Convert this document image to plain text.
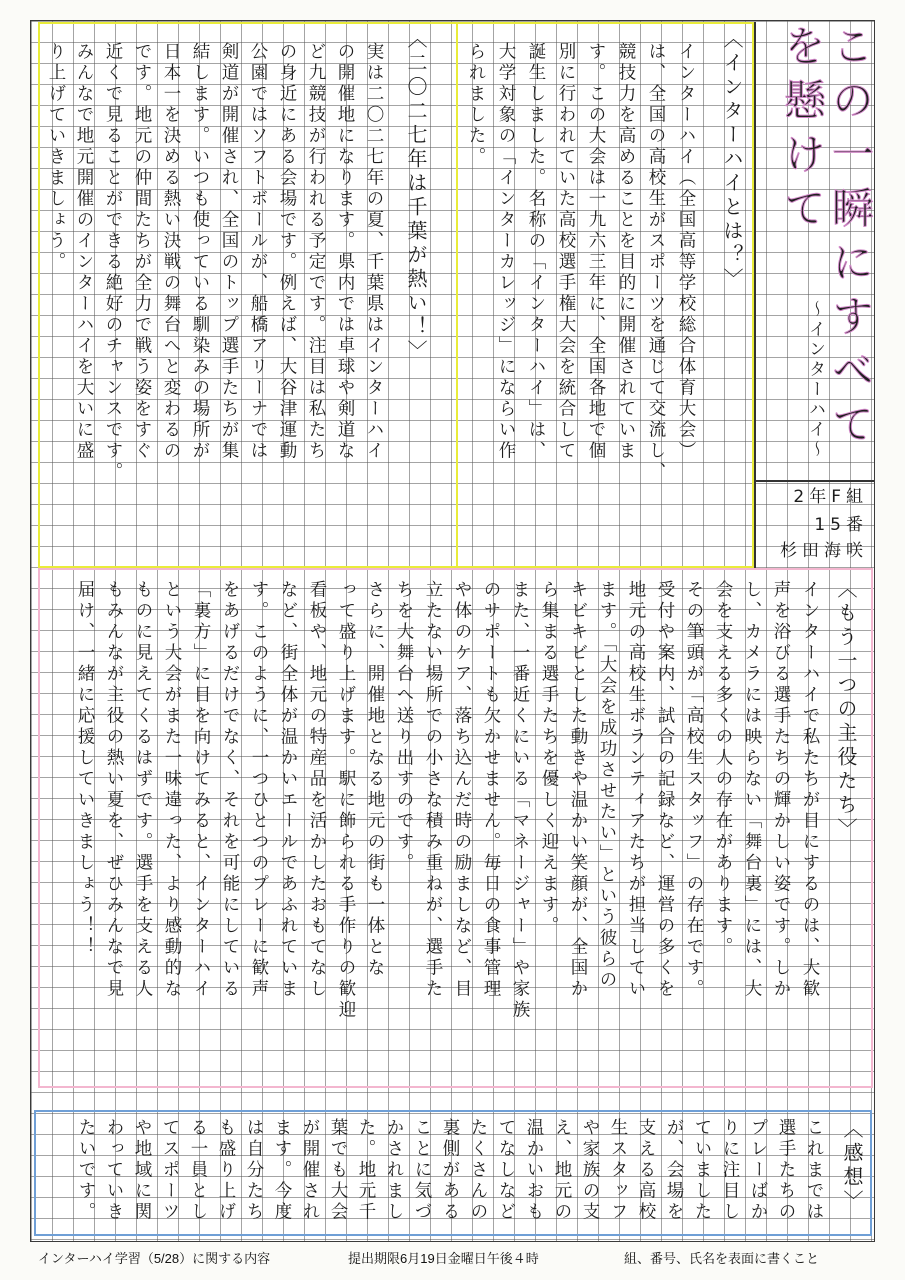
この一瞬にすべてを懸けて
〜インターハイ〜
2年F組
15番
杉田海咲
〈インターハイとは？〉
インターハイ（全国高等学校総合体育大会）
は、全国の高校生がスポーツを通じて交流し、
競技力を高めることを目的に開催されていま
す。この大会は一九六三年に、全国各地で個
別に行われていた高校選手権大会を統合して
誕生しました。名称の「インターハイ」は、
大学対象の「インターカレッジ」にならい作
られました。
〈二〇二七年は千葉が熱い！〉
実は二〇二七年の夏、千葉県はインターハイ
の開催地になります。県内では卓球や剣道な
ど九競技が行われる予定です。注目は私たち
の身近にある会場です。例えば、大谷津運動
公園ではソフトボールが、船橋アリーナでは
剣道が開催され、全国のトップ選手たちが集
結します。いつも使っている馴染みの場所が
日本一を決める熱い決戦の舞台へと変わるの
です。地元の仲間たちが全力で戦う姿をすぐ
近くで見ることができる絶好のチャンスです。
みんなで地元開催のインターハイを大いに盛
り上げていきましょう。
〈もう一つの主役たち〉
インターハイで私たちが目にするのは、大歓
声を浴びる選手たちの輝かしい姿です。しか
し、カメラには映らない「舞台裏」には、大
会を支える多くの人の存在があります。
その筆頭が「高校生スタッフ」の存在です。
受付や案内、試合の記録など、運営の多くを
地元の高校生ボランティアたちが担当してい
ます。「大会を成功させたい」という彼らの
キビキビとした動きや温かい笑顔が、全国か
ら集まる選手たちを優しく迎えます。
また、一番近くにいる「マネージャー」や家族
のサポートも欠かせません。毎日の食事管理
や体のケア、落ち込んだ時の励ましなど、目
立たない場所での小さな積み重ねが、選手た
ちを大舞台へ送り出すのです。
さらに、開催地となる地元の街も一体とな
って盛り上げます。駅に飾られる手作りの歓迎
看板や、地元の特産品を活かしたおもてなし
など、街全体が温かいエールであふれていま
す。このように、一つひとつのプレーに歓声
をあげるだけでなく、それを可能にしている
「裏方」に目を向けてみると、インターハイ
という大会がまた一味違った、より感動的な
ものに見えてくるはずです。選手を支える人
もみんなが主役の熱い夏を、ぜひみんなで見
届け、一緒に応援していきましょう！！
〈感想〉
これまでは
選手たちの
プレーばか
りに注目し
ていました
が、会場を
支える高校
生スタッフ
や家族の支
え、地元の
温かいおも
てなしなど
たくさんの
裏側がある
ことに気づ
かされまし
た。地元千
葉でも大会
が開催され
ます。今度
は自分たち
も盛り上げ
る一員とし
てスポーツ
や地域に関
わっていき
たいです。
インターハイ学習（5/28）に関する内容	提出期限6月19日金曜日午後４時	組、番号、氏名を表面に書くこと
